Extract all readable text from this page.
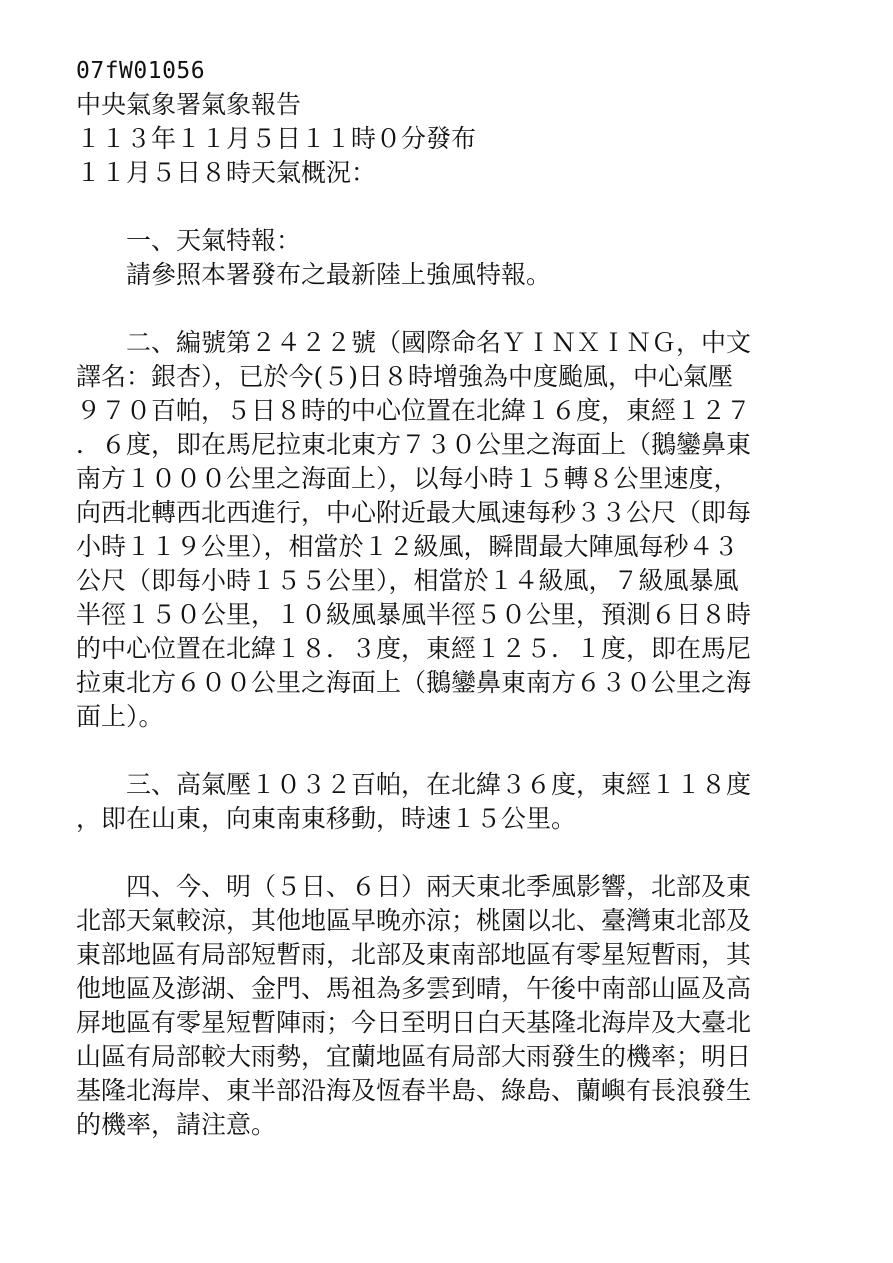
07fW01056
中央氣象署氣象報告
１１３年１１月５日１１時０分發布
１１月５日８時天氣概況：
　　一、天氣特報：
　　請參照本署發布之最新陸上強風特報。
　　二、編號第２４２２號（國際命名ＹＩＮＸＩＮＧ，中文
譯名：銀杏），已於今(５)日８時增強為中度颱風，中心氣壓
９７０百帕，５日８時的中心位置在北緯１６度，東經１２７
．６度，即在馬尼拉東北東方７３０公里之海面上（鵝鑾鼻東
南方１０００公里之海面上），以每小時１５轉８公里速度，
向西北轉西北西進行，中心附近最大風速每秒３３公尺（即每
小時１１９公里），相當於１２級風，瞬間最大陣風每秒４３
公尺（即每小時１５５公里），相當於１４級風，７級風暴風
半徑１５０公里，１０級風暴風半徑５０公里，預測６日８時
的中心位置在北緯１８．３度，東經１２５．１度，即在馬尼
拉東北方６００公里之海面上（鵝鑾鼻東南方６３０公里之海
面上）。
　　三、高氣壓１０３２百帕，在北緯３６度，東經１１８度
，即在山東，向東南東移動，時速１５公里。
　　四、今、明（５日、６日）兩天東北季風影響，北部及東
北部天氣較涼，其他地區早晚亦涼；桃園以北、臺灣東北部及
東部地區有局部短暫雨，北部及東南部地區有零星短暫雨，其
他地區及澎湖、金門、馬祖為多雲到晴，午後中南部山區及高
屏地區有零星短暫陣雨；今日至明日白天基隆北海岸及大臺北
山區有局部較大雨勢，宜蘭地區有局部大雨發生的機率；明日
基隆北海岸、東半部沿海及恆春半島、綠島、蘭嶼有長浪發生
的機率，請注意。
